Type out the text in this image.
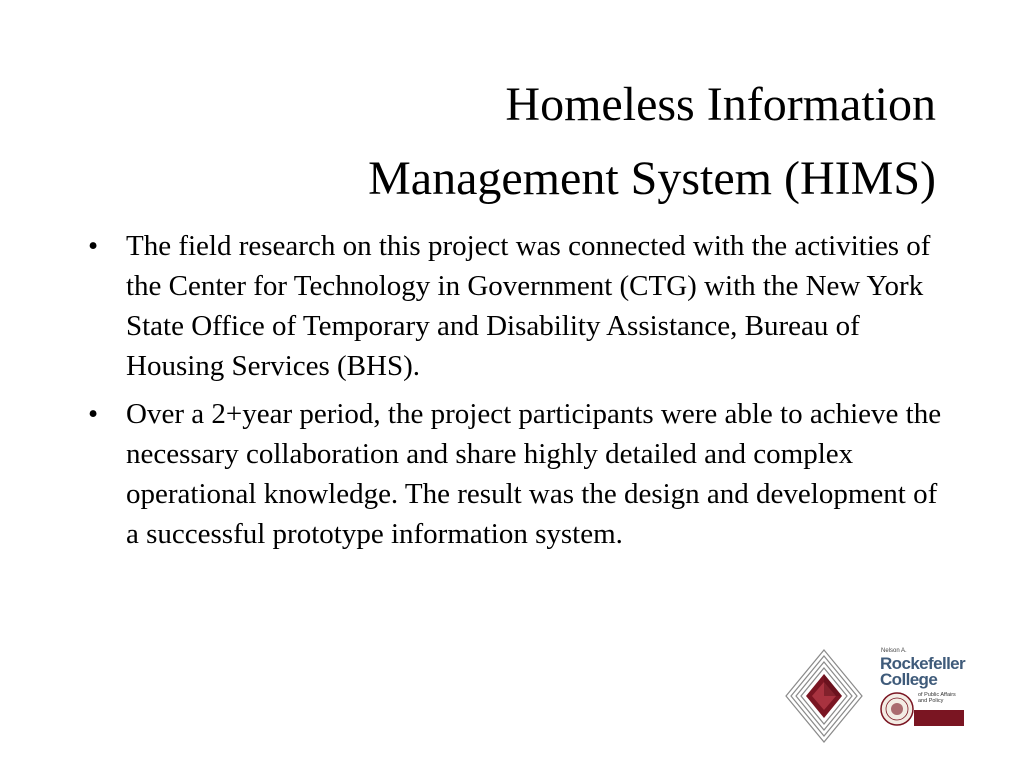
Homeless Information
Management System (HIMS)
• The field research on this project was connected with the activities of the Center for Technology in Government (CTG) with the New York State Office of Temporary and Disability Assistance, Bureau of Housing Services (BHS).
• Over a 2+year period, the project participants were able to achieve the necessary collaboration and share highly detailed and complex operational knowledge. The result was the design and development of a successful prototype information system.
Nelson A.
Rockefeller
College
of Public Affairs
and Policy
